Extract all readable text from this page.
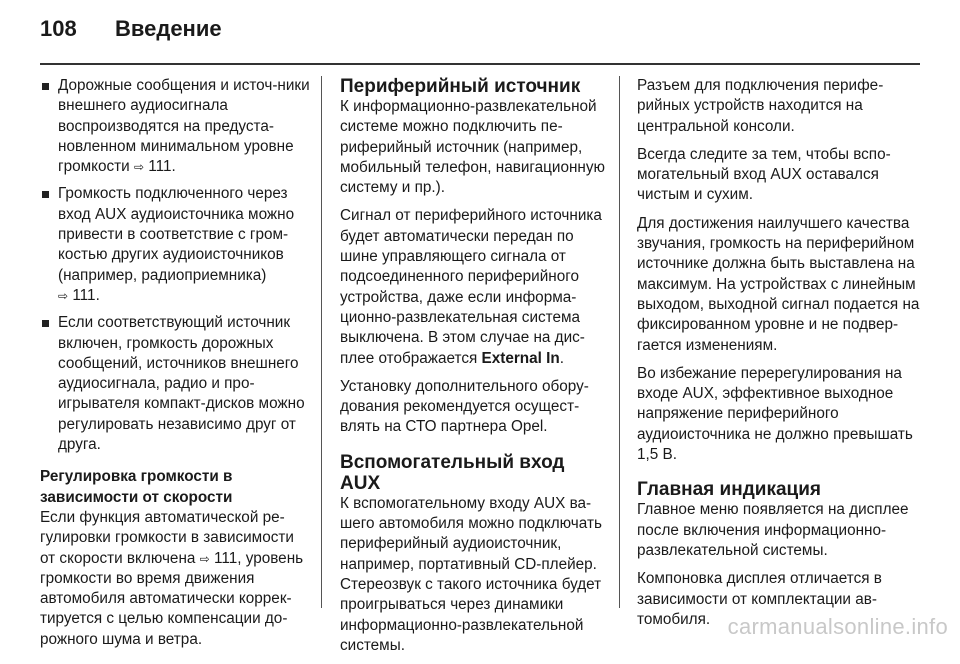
108 Введение
Дорожные сообщения и источ-ники внешнего аудиосигнала воспроизводятся на предустановленном минимальном уровне громкости ⇨ 111.
Громкость подключенного через вход AUX аудиоисточника можно привести в соответствие с громкостью других аудиоисточников (например, радиоприемника)
⇨ 111.
Если соответствующий источник включен, громкость дорожных сообщений, источников внешнего аудиосигнала, радио и проигрывателя компакт-дисков можно регулировать независимо друг от друга.
Регулировка громкости в зависимости от скорости

Если функция автоматической регулировки громкости в зависимости от скорости включена ⇨ 111, уровень громкости во время движения автомобиля автоматически корректируется с целью компенсации дорожного шума и ветра.

Периферийный источник

К информационно-развлекательной системе можно подключить периферийный источник (например, мобильный телефон, навигационную систему и пр.).

Сигнал от периферийного источника будет автоматически передан по шине управляющего сигнала от подсоединенного периферийного устройства, даже если информационно-развлекательная система выключена. В этом случае на дисплее отображается External In.

Установку дополнительного оборудования рекомендуется осуществлять на СТО партнера Opel.

Вспомогательный вход AUX

К вспомогательному входу AUX вашего автомобиля можно подключать периферийный аудиоисточник, например, портативный CD-плейер. Стереозвук с такого источника будет проигрываться через динамики информационно-развлекательной системы.

Разъем для подключения периферийных устройств находится на центральной консоли.

Всегда следите за тем, чтобы вспомогательный вход AUX оставался чистым и сухим.

Для достижения наилучшего качества звучания, громкость на периферийном источнике должна быть выставлена на максимум. На устройствах с линейным выходом, выходной сигнал подается на фиксированном уровне и не подвергается изменениям.

Во избежание перерегулирования на входе AUX, эффективное выходное напряжение периферийного аудиоисточника не должно превышать 1,5 В.

Главная индикация

Главное меню появляется на дисплее после включения информационно-развлекательной системы.

Компоновка дисплея отличается в зависимости от комплектации автомобиля. carmanualsonline.info
